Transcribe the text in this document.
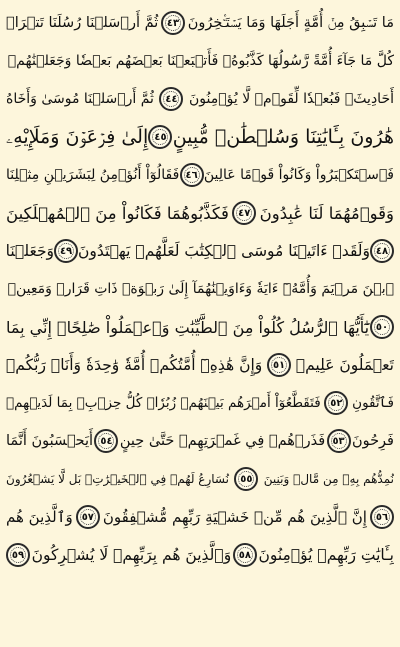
مَا تَسۡبِقُ مِنۡ أُمَّةٍ أَجَلَهَا وَمَا يَسۡتَـٔۡخِرُونَ
٤٣
ثُمَّ أَرۡسَلۡنَا رُسُلَنَا تَتۡرَاۖ
كُلَّ مَا جَآءَ أُمَّةً رَّسُولُهَا كَذَّبُوهُۖ فَأَتۡبَعۡنَا بَعۡضَهُم بَعۡضٗا وَجَعَلۡنَٰهُمۡ
أَحَادِيثَۚ فَبُعۡدٗا لِّقَوۡمٖ لَّا يُؤۡمِنُونَ
٤٤
ثُمَّ أَرۡسَلۡنَا مُوسَىٰ وَأَخَاهُ
هَٰرُونَ بِـَٔايَٰتِنَا وَسُلۡطَٰنٖ مُّبِينٍ
٤٥
إِلَىٰ فِرۡعَوۡنَ وَمَلَإِيْهِۦ
فَٱسۡتَكۡبَرُواْ وَكَانُواْ قَوۡمًا عَالِينَ
٤٦
فَقَالُوٓاْ أَنُؤۡمِنُ لِبَشَرَيۡنِ مِثۡلِنَا
وَقَوۡمُهُمَا لَنَا عَٰبِدُونَ
٤٧
فَكَذَّبُوهُمَا فَكَانُواْ مِنَ ٱلۡمُهۡلَكِينَ
٤٨
وَلَقَدۡ ءَاتَيۡنَا مُوسَى ٱلۡكِتَٰبَ لَعَلَّهُمۡ يَهۡتَدُونَ
٤٩
وَجَعَلۡنَا
ٱبۡنَ مَرۡيَمَ وَأُمَّهُۥٓ ءَايَةٗ وَءَاوَيۡنَٰهُمَآ إِلَىٰ رَبۡوَةٖ ذَاتِ قَرَارٖ وَمَعِينٖ
٥٠
يَٰٓأَيُّهَا ٱلرُّسُلُ كُلُواْ مِنَ ٱلطَّيِّبَٰتِ وَٱعۡمَلُواْ صَٰلِحًاۖ إِنِّي بِمَا
تَعۡمَلُونَ عَلِيمٞ
٥١
وَإِنَّ هَٰذِهِۦٓ أُمَّتُكُمۡ أُمَّةٗ وَٰحِدَةٗ وَأَنَا۠ رَبُّكُمۡ
فَٱتَّقُونِ
٥٢
فَتَقَطَّعُوٓاْ أَمۡرَهُم بَيۡنَهُمۡ زُبُرٗاۖ كُلُّ حِزۡبِۭ بِمَا لَدَيۡهِمۡ
فَرِحُونَ
٥٣
فَذَرۡهُمۡ فِي غَمۡرَتِهِمۡ حَتَّىٰ حِينٍ
٥٤
أَيَحۡسَبُونَ أَنَّمَا
نُمِدُّهُم بِهِۦ مِن مَّالٖ وَبَنِينَ
٥٥
نُسَارِعُ لَهُمۡ فِي ٱلۡخَيۡرَٰتِۚ بَل لَّا يَشۡعُرُونَ
٥٦
إِنَّ ٱلَّذِينَ هُم مِّنۡ خَشۡيَةِ رَبِّهِم مُّشۡفِقُونَ
٥٧
وَٱلَّذِينَ هُم
بِـَٔايَٰتِ رَبِّهِمۡ يُؤۡمِنُونَ
٥٨
وَٱلَّذِينَ هُم بِرَبِّهِمۡ لَا يُشۡرِكُونَ
٥٩
